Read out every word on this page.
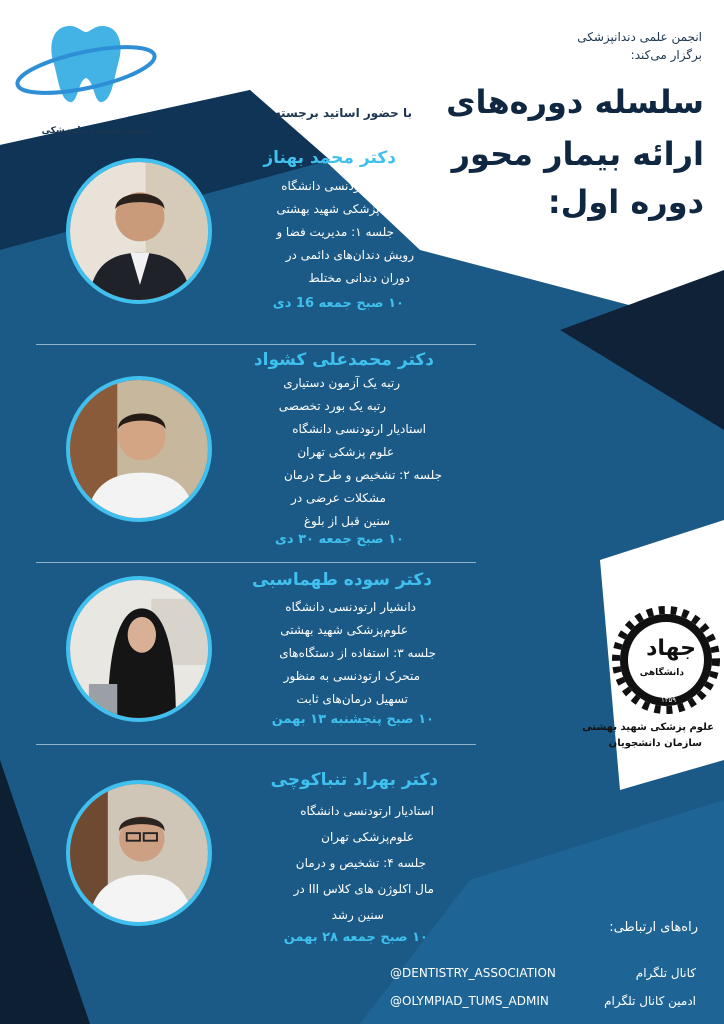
انجمن علمی دندانپزشکی
انجمن علمی دندانپزشکی
برگزار می‌کند:
با حضور اساتید برجسته: سلسله دوره‌های
ارائه بیمار محور
دوره اول:
ارتودنسی
دکتر محمد بهناز
دانشیار ارتودنسی دانشگاه
علوم پزشکی شهید بهشتی
جلسه ۱: مدیریت فضا و
رویش دندان‌های دائمی در
دوران دندانی مختلط
۱۰ صبح جمعه 16 دی
دکتر محمدعلی کشواد
رتبه یک آزمون دستیاری
رتبه یک بورد تخصصی
استادیار ارتودنسی دانشگاه
علوم پزشکی تهران
جلسه ۲: تشخیص و طرح درمان
مشکلات عرضی در
سنین قبل از بلوغ
۱۰ صبح جمعه ۳۰ دی
دکتر سوده طهماسبی
دانشیار ارتودنسی دانشگاه
علوم‌پزشکی شهید بهشتی
جلسه ۳: استفاده از دستگاه‌های
متحرک ارتودنسی به منظور
تسهیل درمان‌های ثابت
۱۰ صبح پنجشنبه ۱۳ بهمن
دکتر بهراد تنباکوچی
استادیار ارتودنسی دانشگاه
علوم‌پزشکی تهران
جلسه ۴: تشخیص و درمان
مال اکلوژن های کلاس III در
سنین رشد
۱۰ صبح جمعه ۲۸ بهمن
جهاد
دانشگاهی
۱۳۵۹
علوم پزشکی شهید بهشتی
سازمان دانشجویان
راه‌های ارتباطی:
کانال تلگرام
@DENTISTRY_ASSOCIATION
ادمین کانال تلگرام
@OLYMPIAD_TUMS_ADMIN
